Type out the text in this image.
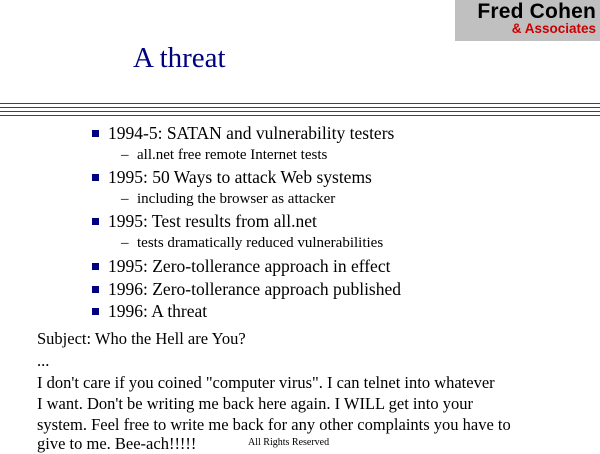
Fred Cohen
& Associates
A threat
1994-5: SATAN and vulnerability testers
– all.net free remote Internet tests
1995: 50 Ways to attack Web systems
– including the browser as attacker
1995: Test results from all.net
– tests dramatically reduced vulnerabilities
1995: Zero-tollerance approach in effect
1996: Zero-tollerance approach published
1996: A threat
Subject: Who the Hell are You?
...
I don't care if you coined "computer virus". I can telnet into whatever
I want. Don't be writing me back here again. I WILL get into your
system. Feel free to write me back for any other complaints you have to
give to me. Bee-ach!!!!!	All Rights Reserved
